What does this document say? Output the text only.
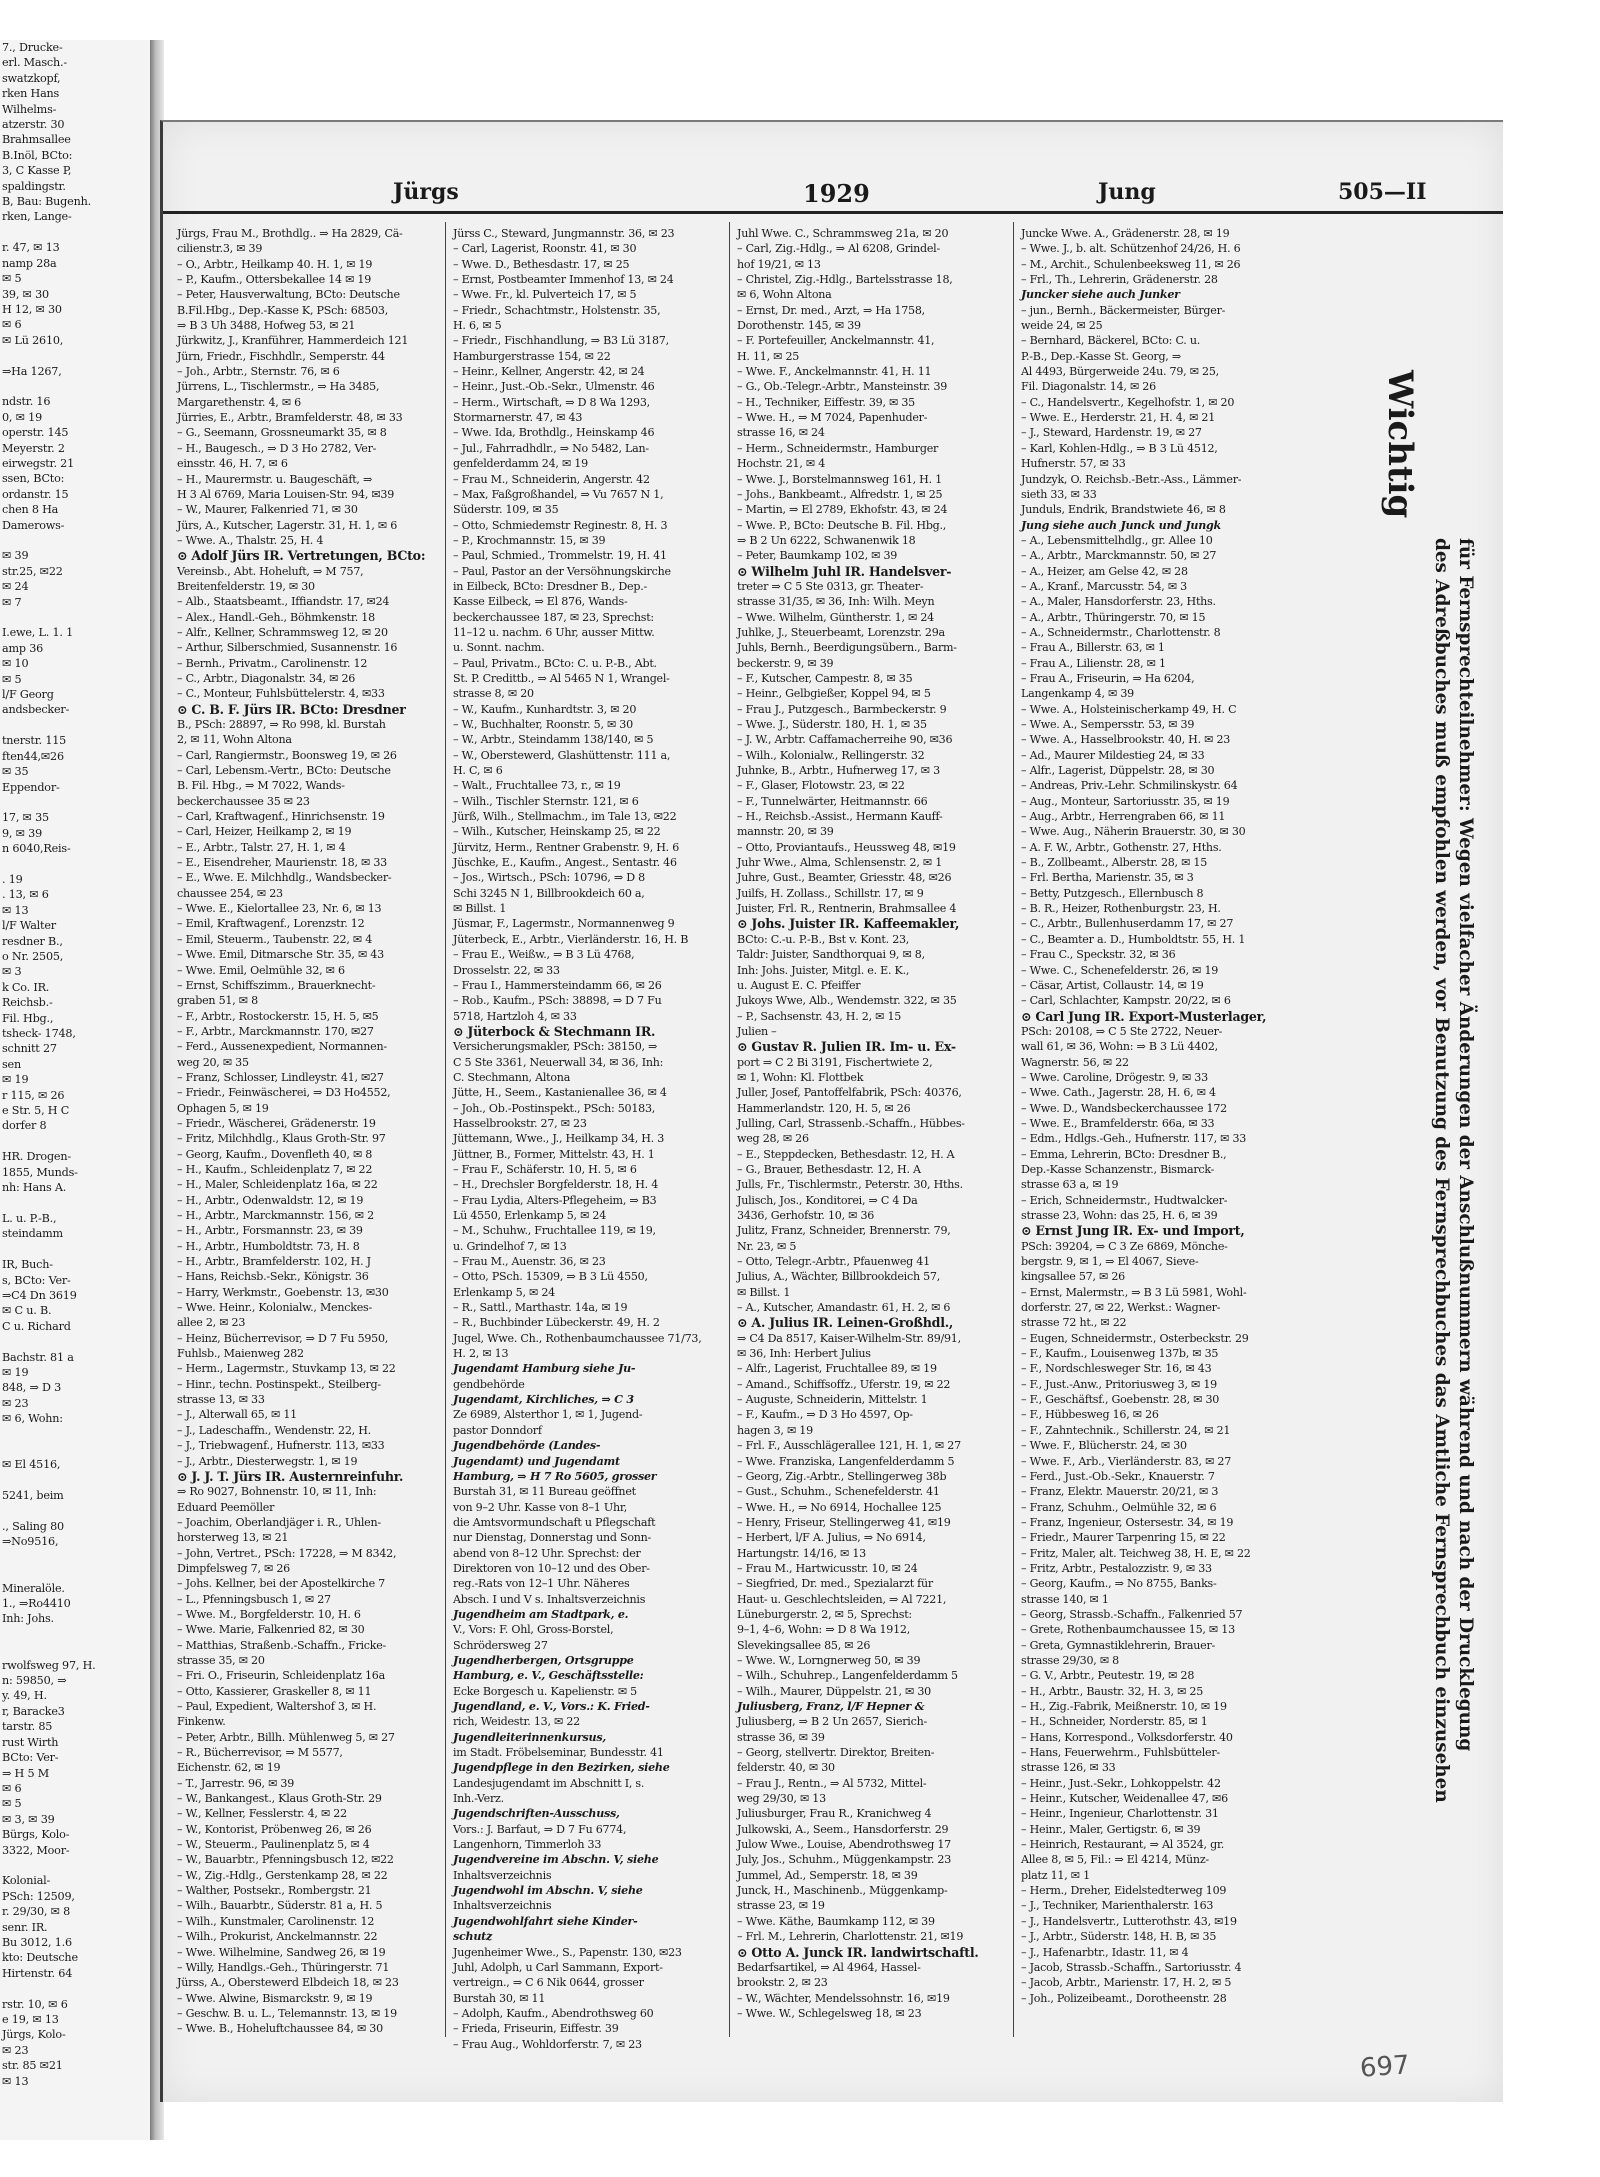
7., Drucke-
erl. Masch.-
swatzkopf,
rken Hans
Wilhelms-
atzerstr. 30
Brahmsallee
B.Inöl, BCto:
3, C Kasse P,
spaldingstr.
B, Bau: Bugenh.
rken, Lange-

r. 47, ✉ 13
namp 28a
✉ 5
39, ✉ 30
H 12, ✉ 30
✉ 6
✉ Lü 2610,

⇒Ha 1267,

ndstr. 16
0, ✉ 19
operstr. 145
Meyerstr. 2
eirwegstr. 21
ssen, BCto:
ordanstr. 15
chen 8 Ha
Damerows-

✉ 39
str.25, ✉22
✉ 24
✉ 7

I.ewe, L. 1. 1
amp 36
✉ 10
✉ 5
l/F Georg
andsbecker-

tnerstr. 115
ften44,✉26
✉ 35
Eppendor-

17, ✉ 35
9, ✉ 39
n 6040,Reis-

. 19
. 13, ✉ 6
✉ 13
l/F Walter
resdner B.,
o Nr. 2505,
✉ 3
k Co. IR.
Reichsb.-
Fil. Hbg.,
tsheck- 1748,
schnitt 27
sen
✉ 19
r 115, ✉ 26
e Str. 5, H C
dorfer 8

HR. Drogen-
1855, Munds-
nh: Hans A.

L. u. P.-B.,
steindamm

IR, Buch-
s, BCto: Ver-
⇒C4 Dn 3619
✉ C u. B.
C u. Richard

Bachstr. 81 a
✉ 19
848, ⇒ D 3
✉ 23
✉ 6, Wohn:

✉ El 4516,

5241, beim

., Saling 80
⇒No9516,

Mineralöle.
1., ⇒Ro4410
Inh: Johs.

rwolfsweg 97, H.
n: 59850, ⇒
y. 49, H.
r, Baracke3
tarstr. 85
rust Wirth
BCto: Ver-
⇒ H 5 M
✉ 6
✉ 5
✉ 3, ✉ 39
Bürgs, Kolo-
3322, Moor-

Kolonial-
PSch: 12509,
r. 29/30, ✉ 8
senr. IR.
Bu 3012, 1.6
kto: Deutsche
Hirtenstr. 64

rstr. 10, ✉ 6
e 19, ✉ 13
Jürgs, Kolo-
✉ 23
str. 85 ✉21
✉ 13
Jürgs	1929	Jung	505—II
Jürgs, Frau M., Brothdlg.. ⇒ Ha 2829, Cä-
cilienstr.3, ✉ 39
– O., Arbtr., Heilkamp 40. H. 1, ✉ 19
– P., Kaufm., Ottersbekallee 14 ✉ 19
– Peter, Hausverwaltung, BCto: Deutsche
B.Fil.Hbg., Dep.-Kasse K, PSch: 68503,
⇒ B 3 Uh 3488, Hofweg 53, ✉ 21
Jürkwitz, J., Kranführer, Hammerdeich 121
Jürn, Friedr., Fischhdlr., Semperstr. 44
– Joh., Arbtr., Sternstr. 76, ✉ 6
Jürrens, L., Tischlermstr., ⇒ Ha 3485,
Margarethenstr. 4, ✉ 6
Jürries, E., Arbtr., Bramfelderstr. 48, ✉ 33
– G., Seemann, Grossneumarkt 35, ✉ 8
– H., Baugesch., ⇒ D 3 Ho 2782, Ver-
einsstr. 46, H. 7, ✉ 6
– H., Maurermstr. u. Baugeschäft, ⇒
H 3 Al 6769, Maria Louisen-Str. 94, ✉39
– W., Maurer, Falkenried 71, ✉ 30
Jürs, A., Kutscher, Lagerstr. 31, H. 1, ✉ 6
– Wwe. A., Thalstr. 25, H. 4
⊙ Adolf Jürs IR. Vertretungen, BCto:
Vereinsb., Abt. Hoheluft, ⇒ M 757,
Breitenfelderstr. 19, ✉ 30
– Alb., Staatsbeamt., Iffiandstr. 17, ✉24
– Alex., Handl.-Geh., Böhmkenstr. 18
– Alfr., Kellner, Schrammsweg 12, ✉ 20
– Arthur, Silberschmied, Susannenstr. 16
– Bernh., Privatm., Carolinenstr. 12
– C., Arbtr., Diagonalstr. 34, ✉ 26
– C., Monteur, Fuhlsbüttelerstr. 4, ✉33
⊙ C. B. F. Jürs IR. BCto: Dresdner
B., PSch: 28897, ⇒ Ro 998, kl. Burstah
2, ✉ 11, Wohn Altona
– Carl, Rangiermstr., Boonsweg 19, ✉ 26
– Carl, Lebensm.-Vertr., BCto: Deutsche
B. Fil. Hbg., ⇒ M 7022, Wands-
beckerchaussee 35 ✉ 23
– Carl, Kraftwagenf., Hinrichsenstr. 19
– Carl, Heizer, Heilkamp 2, ✉ 19
– E., Arbtr., Talstr. 27, H. 1, ✉ 4
– E., Eisendreher, Maurienstr. 18, ✉ 33
– E., Wwe. E. Milchhdlg., Wandsbecker-
chaussee 254, ✉ 23
– Wwe. E., Kielortallee 23, Nr. 6, ✉ 13
– Emil, Kraftwagenf., Lorenzstr. 12
– Emil, Steuerm., Taubenstr. 22, ✉ 4
– Wwe. Emil, Ditmarsche Str. 35, ✉ 43
– Wwe. Emil, Oelmühle 32, ✉ 6
– Ernst, Schiffszimm., Brauerknecht-
graben 51, ✉ 8
– F., Arbtr., Rostockerstr. 15, H. 5, ✉5
– F., Arbtr., Marckmannstr. 170, ✉27
– Ferd., Aussenexpedient, Normannen-
weg 20, ✉ 35
– Franz, Schlosser, Lindleystr. 41, ✉27
– Friedr., Feinwäscherei, ⇒ D3 Ho4552,
Ophagen 5, ✉ 19
– Friedr., Wäscherei, Grädenerstr. 19
– Fritz, Milchhdlg., Klaus Groth-Str. 97
– Georg, Kaufm., Dovenfleth 40, ✉ 8
– H., Kaufm., Schleidenplatz 7, ✉ 22
– H., Maler, Schleidenplatz 16a, ✉ 22
– H., Arbtr., Odenwaldstr. 12, ✉ 19
– H., Arbtr., Marckmannstr. 156, ✉ 2
– H., Arbtr., Forsmannstr. 23, ✉ 39
– H., Arbtr., Humboldtstr. 73, H. 8
– H., Arbtr., Bramfelderstr. 102, H. J
– Hans, Reichsb.-Sekr., Königstr. 36
– Harry, Werkmstr., Goebenstr. 13, ✉30
– Wwe. Heinr., Kolonialw., Menckes-
allee 2, ✉ 23
– Heinz, Bücherrevisor, ⇒ D 7 Fu 5950,
Fuhlsb., Maienweg 282
– Herm., Lagermstr., Stuvkamp 13, ✉ 22
– Hinr., techn. Postinspekt., Steilberg-
strasse 13, ✉ 33
– J., Alterwall 65, ✉ 11
– J., Ladeschaffn., Wendenstr. 22, H.
– J., Triebwagenf., Hufnerstr. 113, ✉33
– J., Arbtr., Diesterwegstr. 1, ✉ 19
⊙ J. J. T. Jürs IR. Austernreinfuhr.
⇒ Ro 9027, Bohnenstr. 10, ✉ 11, Inh:
Eduard Peemöller
– Joachim, Oberlandjäger i. R., Uhlen-
horsterweg 13, ✉ 21
– John, Vertret., PSch: 17228, ⇒ M 8342,
Dimpfelsweg 7, ✉ 26
– Johs. Kellner, bei der Apostelkirche 7
– L., Pfenningsbusch 1, ✉ 27
– Wwe. M., Borgfelderstr. 10, H. 6
– Wwe. Marie, Falkenried 82, ✉ 30
– Matthias, Straßenb.-Schaffn., Fricke-
strasse 35, ✉ 20
– Fri. O., Friseurin, Schleidenplatz 16a
– Otto, Kassierer, Graskeller 8, ✉ 11
– Paul, Expedient, Waltershof 3, ✉ H.
Finkenw.
– Peter, Arbtr., Billh. Mühlenweg 5, ✉ 27
– R., Bücherrevisor, ⇒ M 5577,
Eichenstr. 62, ✉ 19
– T., Jarrestr. 96, ✉ 39
– W., Bankangest., Klaus Groth-Str. 29
– W., Kellner, Fesslerstr. 4, ✉ 22
– W., Kontorist, Pröbenweg 26, ✉ 26
– W., Steuerm., Paulinenplatz 5, ✉ 4
– W., Bauarbtr., Pfenningsbusch 12, ✉22
– W., Zig.-Hdlg., Gerstenkamp 28, ✉ 22
– Walther, Postsekr., Rombergstr. 21
– Wilh., Bauarbtr., Süderstr. 81 a, H. 5
– Wilh., Kunstmaler, Carolinenstr. 12
– Wilh., Prokurist, Anckelmannstr. 22
– Wwe. Wilhelmine, Sandweg 26, ✉ 19
– Willy, Handlgs.-Geh., Thüringerstr. 71
Jürss, A., Oberstewerd Elbdeich 18, ✉ 23
– Wwe. Alwine, Bismarckstr. 9, ✉ 19
– Geschw. B. u. L., Telemannstr. 13, ✉ 19
– Wwe. B., Hoheluftchaussee 84, ✉ 30
Jürss C., Steward, Jungmannstr. 36, ✉ 23
– Carl, Lagerist, Roonstr. 41, ✉ 30
– Wwe. D., Bethesdastr. 17, ✉ 25
– Ernst, Postbeamter Immenhof 13, ✉ 24
– Wwe. Fr., kl. Pulverteich 17, ✉ 5
– Friedr., Schachtmstr., Holstenstr. 35,
H. 6, ✉ 5
– Friedr., Fischhandlung, ⇒ B3 Lü 3187,
Hamburgerstrasse 154, ✉ 22
– Heinr., Kellner, Angerstr. 42, ✉ 24
– Heinr., Just.-Ob.-Sekr., Ulmenstr. 46
– Herm., Wirtschaft, ⇒ D 8 Wa 1293,
Stormarnerstr. 47, ✉ 43
– Wwe. Ida, Brothdlg., Heinskamp 46
– Jul., Fahrradhdlr., ⇒ No 5482, Lan-
genfelderdamm 24, ✉ 19
– Frau M., Schneiderin, Angerstr. 42
– Max, Faßgroßhandel, ⇒ Vu 7657 N 1,
Süderstr. 109, ✉ 35
– Otto, Schmiedemstr Reginestr. 8, H. 3
– P., Krochmannstr. 15, ✉ 39
– Paul, Schmied., Trommelstr. 19, H. 41
– Paul, Pastor an der Versöhnungskirche
in Eilbeck, BCto: Dresdner B., Dep.-
Kasse Eilbeck, ⇒ El 876, Wands-
beckerchaussee 187, ✉ 23, Sprechst:
11–12 u. nachm. 6 Uhr, ausser Mittw.
u. Sonnt. nachm.
– Paul, Privatm., BCto: C. u. P.-B., Abt.
St. P. Credittb., ⇒ Al 5465 N 1, Wrangel-
strasse 8, ✉ 20
– W., Kaufm., Kunhardtstr. 3, ✉ 20
– W., Buchhalter, Roonstr. 5, ✉ 30
– W., Arbtr., Steindamm 138/140, ✉ 5
– W., Oberstewerd, Glashüttenstr. 111 a,
H. C, ✉ 6
– Walt., Fruchtallee 73, r., ✉ 19
– Wilh., Tischler Sternstr. 121, ✉ 6
Jürß, Wilh., Stellmachm., im Tale 13, ✉22
– Wilh., Kutscher, Heinskamp 25, ✉ 22
Jürvitz, Herm., Rentner Grabenstr. 9, H. 6
Jüschke, E., Kaufm., Angest., Sentastr. 46
– Jos., Wirtsch., PSch: 10796, ⇒ D 8
Schi 3245 N 1, Billbrookdeich 60 a,
✉ Billst. 1
Jüsmar, F., Lagermstr., Normannenweg 9
Jüterbeck, E., Arbtr., Vierländerstr. 16, H. B
– Frau E., Weißw., ⇒ B 3 Lü 4768,
Drosselstr. 22, ✉ 33
– Frau I., Hammersteindamm 66, ✉ 26
– Rob., Kaufm., PSch: 38898, ⇒ D 7 Fu
5718, Hartzloh 4, ✉ 33
⊙ Jüterbock & Stechmann IR.
Versicherungsmakler, PSch: 38150, ⇒
C 5 Ste 3361, Neuerwall 34, ✉ 36, Inh:
C. Stechmann, Altona
Jütte, H., Seem., Kastanienallee 36, ✉ 4
– Joh., Ob.-Postinspekt., PSch: 50183,
Hasselbrookstr. 27, ✉ 23
Jüttemann, Wwe., J., Heilkamp 34, H. 3
Jüttner, B., Former, Mittelstr. 43, H. 1
– Frau F., Schäferstr. 10, H. 5, ✉ 6
– H., Drechsler Borgfelderstr. 18, H. 4
– Frau Lydia, Alters-Pflegeheim, ⇒ B3
Lü 4550, Erlenkamp 5, ✉ 24
– M., Schuhw., Fruchtallee 119, ✉ 19,
u. Grindelhof 7, ✉ 13
– Frau M., Auenstr. 36, ✉ 23
– Otto, PSch. 15309, ⇒ B 3 Lü 4550,
Erlenkamp 5, ✉ 24
– R., Sattl., Marthastr. 14a, ✉ 19
– R., Buchbinder Lübeckerstr. 49, H. 2
Jugel, Wwe. Ch., Rothenbaumchaussee 71/73,
H. 2, ✉ 13
Jugendamt Hamburg siehe Ju-
gendbehörde
Jugendamt, Kirchliches, ⇒ C 3
Ze 6989, Alsterthor 1, ✉ 1, Jugend-
pastor Donndorf
Jugendbehörde (Landes-
Jugendamt) und Jugendamt
Hamburg, ⇒ H 7 Ro 5605, grosser
Burstah 31, ✉ 11 Bureau geöffnet
von 9–2 Uhr. Kasse von 8–1 Uhr,
die Amtsvormundschaft u Pflegschaft
nur Dienstag, Donnerstag und Sonn-
abend von 8–12 Uhr. Sprechst: der
Direktoren von 10–12 und des Ober-
reg.-Rats von 12–1 Uhr. Näheres
Absch. I und V s. Inhaltsverzeichnis
Jugendheim am Stadtpark, e.
V., Vors: F. Ohl, Gross-Borstel,
Schrödersweg 27
Jugendherbergen, Ortsgruppe
Hamburg, e. V., Geschäftsstelle:
Ecke Borgesch u. Kapelienstr. ✉ 5
Jugendland, e. V., Vors.: K. Fried-
rich, Weidestr. 13, ✉ 22
Jugendleiterinnenkursus,
im Stadt. Fröbelseminar, Bundesstr. 41
Jugendpflege in den Bezirken, siehe
Landesjugendamt im Abschnitt I, s.
Inh.-Verz.
Jugendschriften-Ausschuss,
Vors.: J. Barfaut, ⇒ D 7 Fu 6774,
Langenhorn, Timmerloh 33
Jugendvereine im Abschn. V, siehe
Inhaltsverzeichnis
Jugendwohl im Abschn. V, siehe
Inhaltsverzeichnis
Jugendwohlfahrt siehe Kinder-
schutz
Jugenheimer Wwe., S., Papenstr. 130, ✉23
Juhl, Adolph, u Carl Sammann, Export-
vertreign., ⇒ C 6 Nik 0644, grosser
Burstah 30, ✉ 11
– Adolph, Kaufm., Abendrothsweg 60
– Frieda, Friseurin, Eiffestr. 39
– Frau Aug., Wohldorferstr. 7, ✉ 23
Juhl Wwe. C., Schrammsweg 21a, ✉ 20
– Carl, Zig.-Hdlg., ⇒ Al 6208, Grindel-
hof 19/21, ✉ 13
– Christel, Zig.-Hdlg., Bartelsstrasse 18,
✉ 6, Wohn Altona
– Ernst, Dr. med., Arzt, ⇒ Ha 1758,
Dorothenstr. 145, ✉ 39
– F. Portefeuiller, Anckelmannstr. 41,
H. 11, ✉ 25
– Wwe. F., Anckelmannstr. 41, H. 11
– G., Ob.-Telegr.-Arbtr., Mansteinstr. 39
– H., Techniker, Eiffestr. 39, ✉ 35
– Wwe. H., ⇒ M 7024, Papenhuder-
strasse 16, ✉ 24
– Herm., Schneidermstr., Hamburger
Hochstr. 21, ✉ 4
– Wwe. J., Borstelmannsweg 161, H. 1
– Johs., Bankbeamt., Alfredstr. 1, ✉ 25
– Martin, ⇒ El 2789, Ekhofstr. 43, ✉ 24
– Wwe. P., BCto: Deutsche B. Fil. Hbg.,
⇒ B 2 Un 6222, Schwanenwik 18
– Peter, Baumkamp 102, ✉ 39
⊙ Wilhelm Juhl IR. Handelsver-
treter ⇒ C 5 Ste 0313, gr. Theater-
strasse 31/35, ✉ 36, Inh: Wilh. Meyn
– Wwe. Wilhelm, Güntherstr. 1, ✉ 24
Juhlke, J., Steuerbeamt, Lorenzstr. 29a
Juhls, Bernh., Beerdigungsübern., Barm-
beckerstr. 9, ✉ 39
– F., Kutscher, Campestr. 8, ✉ 35
– Heinr., Gelbgießer, Koppel 94, ✉ 5
– Frau J., Putzgesch., Barmbeckerstr. 9
– Wwe. J., Süderstr. 180, H. 1, ✉ 35
– J. W., Arbtr. Caffamacherreihe 90, ✉36
– Wilh., Kolonialw., Rellingerstr. 32
Juhnke, B., Arbtr., Hufnerweg 17, ✉ 3
– F., Glaser, Flotowstr. 23, ✉ 22
– F., Tunnelwärter, Heitmannstr. 66
– H., Reichsb.-Assist., Hermann Kauff-
mannstr. 20, ✉ 39
– Otto, Proviantaufs., Heussweg 48, ✉19
Juhr Wwe., Alma, Schlensenstr. 2, ✉ 1
Juhre, Gust., Beamter, Griesstr. 48, ✉26
Juilfs, H. Zollass., Schillstr. 17, ✉ 9
Juister, Frl. R., Rentnerin, Brahmsallee 4
⊙ Johs. Juister IR. Kaffeemakler,
BCto: C.-u. P.-B., Bst v. Kont. 23,
Taldr: Juister, Sandthorquai 9, ✉ 8,
Inh: Johs. Juister, Mitgl. e. E. K.,
u. August E. C. Pfeiffer
Jukoys Wwe, Alb., Wendemstr. 322, ✉ 35
– P., Sachsenstr. 43, H. 2, ✉ 15
Julien –
⊙ Gustav R. Julien IR. Im- u. Ex-
port ⇒ C 2 Bi 3191, Fischertwiete 2,
✉ 1, Wohn: Kl. Flottbek
Juller, Josef, Pantoffelfabrik, PSch: 40376,
Hammerlandstr. 120, H. 5, ✉ 26
Julling, Carl, Strassenb.-Schaffn., Hübbes-
weg 28, ✉ 26
– E., Steppdecken, Bethesdastr. 12, H. A
– G., Brauer, Bethesdastr. 12, H. A
Julls, Fr., Tischlermstr., Peterstr. 30, Hths.
Julisch, Jos., Konditorei, ⇒ C 4 Da
3436, Gerhofstr. 10, ✉ 36
Julitz, Franz, Schneider, Brennerstr. 79,
Nr. 23, ✉ 5
– Otto, Telegr.-Arbtr., Pfauenweg 41
Julius, A., Wächter, Billbrookdeich 57,
✉ Billst. 1
– A., Kutscher, Amandastr. 61, H. 2, ✉ 6
⊙ A. Julius IR. Leinen-Großhdl.,
⇒ C4 Da 8517, Kaiser-Wilhelm-Str. 89/91,
✉ 36, Inh: Herbert Julius
– Alfr., Lagerist, Fruchtallee 89, ✉ 19
– Amand., Schiffsoffz., Uferstr. 19, ✉ 22
– Auguste, Schneiderin, Mittelstr. 1
– F., Kaufm., ⇒ D 3 Ho 4597, Op-
hagen 3, ✉ 19
– Frl. F., Ausschlägerallee 121, H. 1, ✉ 27
– Wwe. Franziska, Langenfelderdamm 5
– Georg, Zig.-Arbtr., Stellingerweg 38b
– Gust., Schuhm., Schenefelderstr. 41
– Wwe. H., ⇒ No 6914, Hochallee 125
– Henry, Friseur, Stellingerweg 41, ✉19
– Herbert, l/F A. Julius, ⇒ No 6914,
Hartungstr. 14/16, ✉ 13
– Frau M., Hartwicusstr. 10, ✉ 24
– Siegfried, Dr. med., Spezialarzt für
Haut- u. Geschlechtsleiden, ⇒ Al 7221,
Lüneburgerstr. 2, ✉ 5, Sprechst:
9–1, 4–6, Wohn: ⇒ D 8 Wa 1912,
Slevekingsallee 85, ✉ 26
– Wwe. W., Lorngnerweg 50, ✉ 39
– Wilh., Schuhrep., Langenfelderdamm 5
– Wilh., Maurer, Düppelstr. 21, ✉ 30
Juliusberg, Franz, l/F Hepner &
Juliusberg, ⇒ B 2 Un 2657, Sierich-
strasse 36, ✉ 39
– Georg, stellvertr. Direktor, Breiten-
felderstr. 40, ✉ 30
– Frau J., Rentn., ⇒ Al 5732, Mittel-
weg 29/30, ✉ 13
Juliusburger, Frau R., Kranichweg 4
Julkowski, A., Seem., Hansdorferstr. 29
Julow Wwe., Louise, Abendrothsweg 17
July, Jos., Schuhm., Müggenkampstr. 23
Jummel, Ad., Semperstr. 18, ✉ 39
Junck, H., Maschinenb., Müggenkamp-
strasse 23, ✉ 19
– Wwe. Käthe, Baumkamp 112, ✉ 39
– Frl. M., Lehrerin, Charlottenstr. 21, ✉19
⊙ Otto A. Junck IR. landwirtschaftl.
Bedarfsartikel, ⇒ Al 4964, Hassel-
brookstr. 2, ✉ 23
– W., Wächter, Mendelssohnstr. 16, ✉19
– Wwe. W., Schlegelsweg 18, ✉ 23
Juncke Wwe. A., Grädenerstr. 28, ✉ 19
– Wwe. J., b. alt. Schützenhof 24/26, H. 6
– M., Archit., Schulenbeeksweg 11, ✉ 26
– Frl., Th., Lehrerin, Grädenerstr. 28
Juncker siehe auch Junker
– jun., Bernh., Bäckermeister, Bürger-
weide 24, ✉ 25
– Bernhard, Bäckerel, BCto: C. u.
P.-B., Dep.-Kasse St. Georg, ⇒
Al 4493, Bürgerweide 24u. 79, ✉ 25,
Fil. Diagonalstr. 14, ✉ 26
– C., Handelsvertr., Kegelhofstr. 1, ✉ 20
– Wwe. E., Herderstr. 21, H. 4, ✉ 21
– J., Steward, Hardenstr. 19, ✉ 27
– Karl, Kohlen-Hdlg., ⇒ B 3 Lü 4512,
Hufnerstr. 57, ✉ 33
Jundzyk, O. Reichsb.-Betr.-Ass., Lämmer-
sieth 33, ✉ 33
Junduls, Endrik, Brandstwiete 46, ✉ 8
Jung siehe auch Junck und Jungk
– A., Lebensmittelhdlg., gr. Allee 10
– A., Arbtr., Marckmannstr. 50, ✉ 27
– A., Heizer, am Gelse 42, ✉ 28
– A., Kranf., Marcusstr. 54, ✉ 3
– A., Maler, Hansdorferstr. 23, Hths.
– A., Arbtr., Thüringerstr. 70, ✉ 15
– A., Schneidermstr., Charlottenstr. 8
– Frau A., Billerstr. 63, ✉ 1
– Frau A., Lilienstr. 28, ✉ 1
– Frau A., Friseurin, ⇒ Ha 6204,
Langenkamp 4, ✉ 39
– Wwe. A., Holsteinischerkamp 49, H. C
– Wwe. A., Sempersstr. 53, ✉ 39
– Wwe. A., Hasselbrookstr. 40, H. ✉ 23
– Ad., Maurer Mildestieg 24, ✉ 33
– Alfr., Lagerist, Düppelstr. 28, ✉ 30
– Andreas, Priv.-Lehr. Schmilinskystr. 64
– Aug., Monteur, Sartoriusstr. 35, ✉ 19
– Aug., Arbtr., Herrengraben 66, ✉ 11
– Wwe. Aug., Näherin Brauerstr. 30, ✉ 30
– A. F. W., Arbtr., Gothenstr. 27, Hths.
– B., Zollbeamt., Alberstr. 28, ✉ 15
– Frl. Bertha, Marienstr. 35, ✉ 3
– Betty, Putzgesch., Ellernbusch 8
– B. R., Heizer, Rothenburgstr. 23, H.
– C., Arbtr., Bullenhuserdamm 17, ✉ 27
– C., Beamter a. D., Humboldtstr. 55, H. 1
– Frau C., Speckstr. 32, ✉ 36
– Wwe. C., Schenefelderstr. 26, ✉ 19
– Cäsar, Artist, Collaustr. 14, ✉ 19
– Carl, Schlachter, Kampstr. 20/22, ✉ 6
⊙ Carl Jung IR. Export-Musterlager,
PSch: 20108, ⇒ C 5 Ste 2722, Neuer-
wall 61, ✉ 36, Wohn: ⇒ B 3 Lü 4402,
Wagnerstr. 56, ✉ 22
– Wwe. Caroline, Drögestr. 9, ✉ 33
– Wwe. Cath., Jagerstr. 28, H. 6, ✉ 4
– Wwe. D., Wandsbeckerchaussee 172
– Wwe. E., Bramfelderstr. 66a, ✉ 33
– Edm., Hdlgs.-Geh., Hufnerstr. 117, ✉ 33
– Emma, Lehrerin, BCto: Dresdner B.,
Dep.-Kasse Schanzenstr., Bismarck-
strasse 63 a, ✉ 19
– Erich, Schneidermstr., Hudtwalcker-
strasse 23, Wohn: das 25, H. 6, ✉ 39
⊙ Ernst Jung IR. Ex- und Import,
PSch: 39204, ⇒ C 3 Ze 6869, Mönche-
bergstr. 9, ✉ 1, ⇒ El 4067, Sieve-
kingsallee 57, ✉ 26
– Ernst, Malermstr., ⇒ B 3 Lü 5981, Wohl-
dorferstr. 27, ✉ 22, Werkst.: Wagner-
strasse 72 ht., ✉ 22
– Eugen, Schneidermstr., Osterbeckstr. 29
– F., Kaufm., Louisenweg 137b, ✉ 35
– F., Nordschlesweger Str. 16, ✉ 43
– F., Just.-Anw., Pritoriusweg 3, ✉ 19
– F., Geschäftsf., Goebenstr. 28, ✉ 30
– F., Hübbesweg 16, ✉ 26
– F., Zahntechnik., Schillerstr. 24, ✉ 21
– Wwe. F., Blücherstr. 24, ✉ 30
– Wwe. F., Arb., Vierländerstr. 83, ✉ 27
– Ferd., Just.-Ob.-Sekr., Knauerstr. 7
– Franz, Elektr. Mauerstr. 20/21, ✉ 3
– Franz, Schuhm., Oelmühle 32, ✉ 6
– Franz, Ingenieur, Ostersestr. 34, ✉ 19
– Friedr., Maurer Tarpenring 15, ✉ 22
– Fritz, Maler, alt. Teichweg 38, H. E, ✉ 22
– Fritz, Arbtr., Pestalozzistr. 9, ✉ 33
– Georg, Kaufm., ⇒ No 8755, Banks-
strasse 140, ✉ 1
– Georg, Strassb.-Schaffn., Falkenried 57
– Grete, Rothenbaumchaussee 15, ✉ 13
– Greta, Gymnastiklehrerin, Brauer-
strasse 29/30, ✉ 8
– G. V., Arbtr., Peutestr. 19, ✉ 28
– H., Arbtr., Baustr. 32, H. 3, ✉ 25
– H., Zig.-Fabrik, Meißnerstr. 10, ✉ 19
– H., Schneider, Norderstr. 85, ✉ 1
– Hans, Korrespond., Volksdorferstr. 40
– Hans, Feuerwehrm., Fuhlsbütteler-
strasse 126, ✉ 33
– Heinr., Just.-Sekr., Lohkoppelstr. 42
– Heinr., Kutscher, Weidenallee 47, ✉6
– Heinr., Ingenieur, Charlottenstr. 31
– Heinr., Maler, Gertigstr. 6, ✉ 39
– Heinrich, Restaurant, ⇒ Al 3524, gr.
Allee 8, ✉ 5, Fil.: ⇒ El 4214, Münz-
platz 11, ✉ 1
– Herm., Dreher, Eidelstedterweg 109
– J., Techniker, Marienthalerstr. 163
– J., Handelsvertr., Lutterothstr. 43, ✉19
– J., Arbtr., Süderstr. 148, H. B, ✉ 35
– J., Hafenarbtr., Idastr. 11, ✉ 4
– Jacob, Strassb.-Schaffn., Sartoriusstr. 4
– Jacob, Arbtr., Marienstr. 17, H. 2, ✉ 5
– Joh., Polizeibeamt., Dorotheenstr. 28
Wichtig
für Fernsprechteilnehmer: Wegen vielfacher Änderungen der Anschlußnummern während und nach der Drucklegung
des Adreßbuches muß empfohlen werden, vor Benutzung des Fernsprechbuches das Amtliche Fernsprechbuch einzusehen
697
